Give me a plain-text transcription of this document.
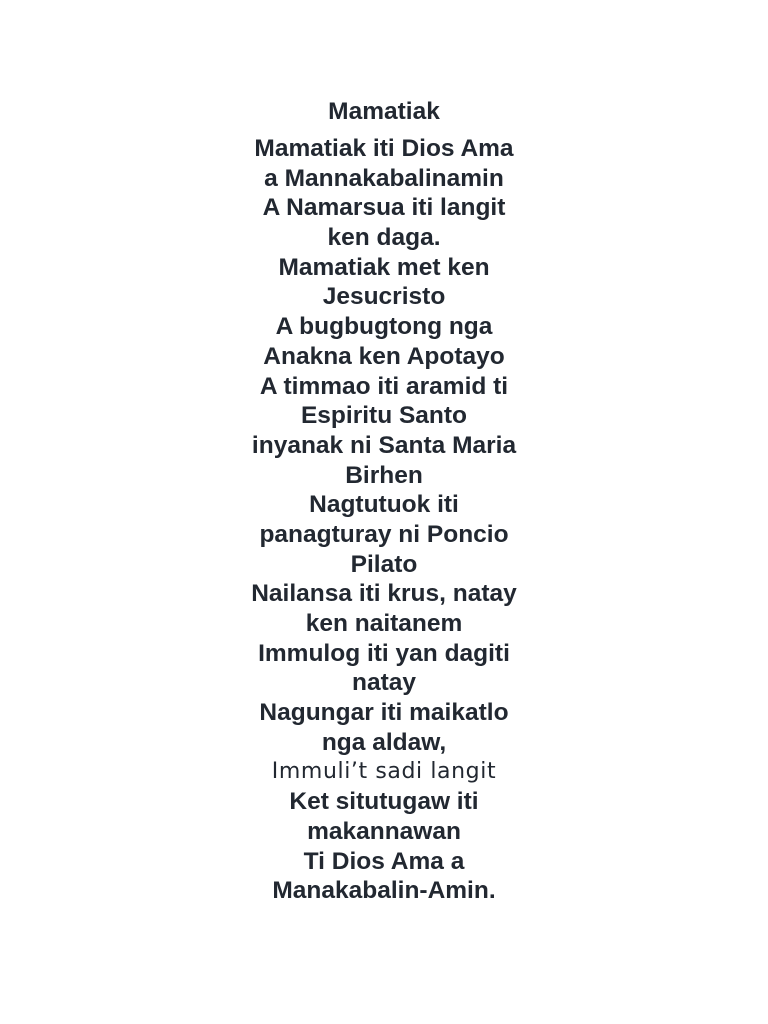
Mamatiak
Mamatiak iti Dios Ama
a Mannakabalinamin
A Namarsua iti langit
ken daga.
Mamatiak met ken
Jesucristo
A bugbugtong nga
Anakna ken Apotayo
A timmao iti aramid ti
Espiritu Santo
inyanak ni Santa Maria
Birhen
Nagtutuok iti
panagturay ni Poncio
Pilato
Nailansa iti krus, natay
ken naitanem
Immulog iti yan dagiti
natay
Nagungar iti maikatlo
nga aldaw,
Immuli’t sadi langit
Ket situtugaw iti
makannawan
Ti Dios Ama a
Manakabalin-Amin.
